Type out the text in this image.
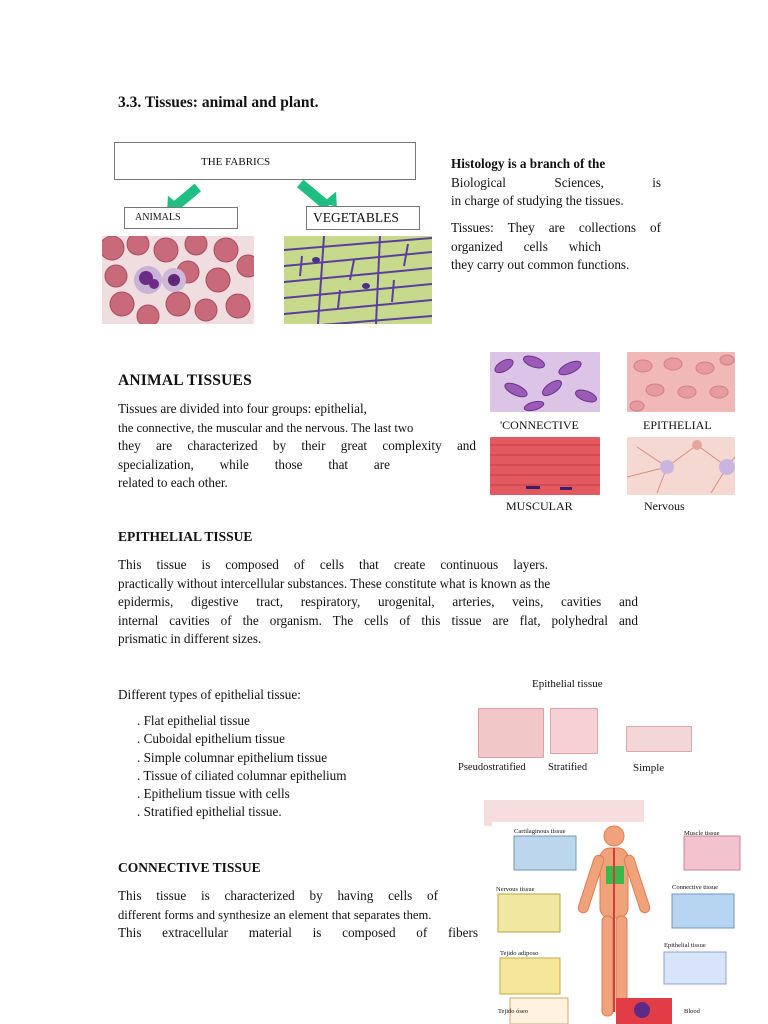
3.3. Tissues: animal and plant.
THE FABRICS
ANIMALS	VEGETABLES
Histology is a branch of the
Biological Sciences, is
in charge of studying the tissues.
Tissues: They are collections of
organized cells which
they carry out common functions.
ANIMAL TISSUES
Tissues are divided into four groups: epithelial,
the connective, the muscular and the nervous. The last two
they are characterized by their great complexity and
specialization, while those that are
related to each other.
'CONNECTIVE	EPITHELIAL
MUSCULAR	Nervous
EPITHELIAL TISSUE
This tissue is composed of cells that create continuous layers.
practically without intercellular substances. These constitute what is known as the
epidermis, digestive tract, respiratory, urogenital, arteries, veins, cavities and
internal cavities of the organism. The cells of this tissue are flat, polyhedral and
prismatic in different sizes.
Different types of epithelial tissue:
. Flat epithelial tissue
. Cuboidal epithelium tissue
. Simple columnar epithelium tissue
. Tissue of ciliated columnar epithelium
. Epithelium tissue with cells
. Stratified epithelial tissue.
Epithelial tissue
Pseudostratified Stratified	Simple
CONNECTIVE TISSUE
This tissue is characterized by having cells of
different forms and synthesize an element that separates them.
This extracellular material is composed of fibers
Cartilaginous tissue	Muscle tissue
Nervous tissue	Connective tissue
Epithelial tissue
Tejido adiposo
Tejido óseo	Blood
